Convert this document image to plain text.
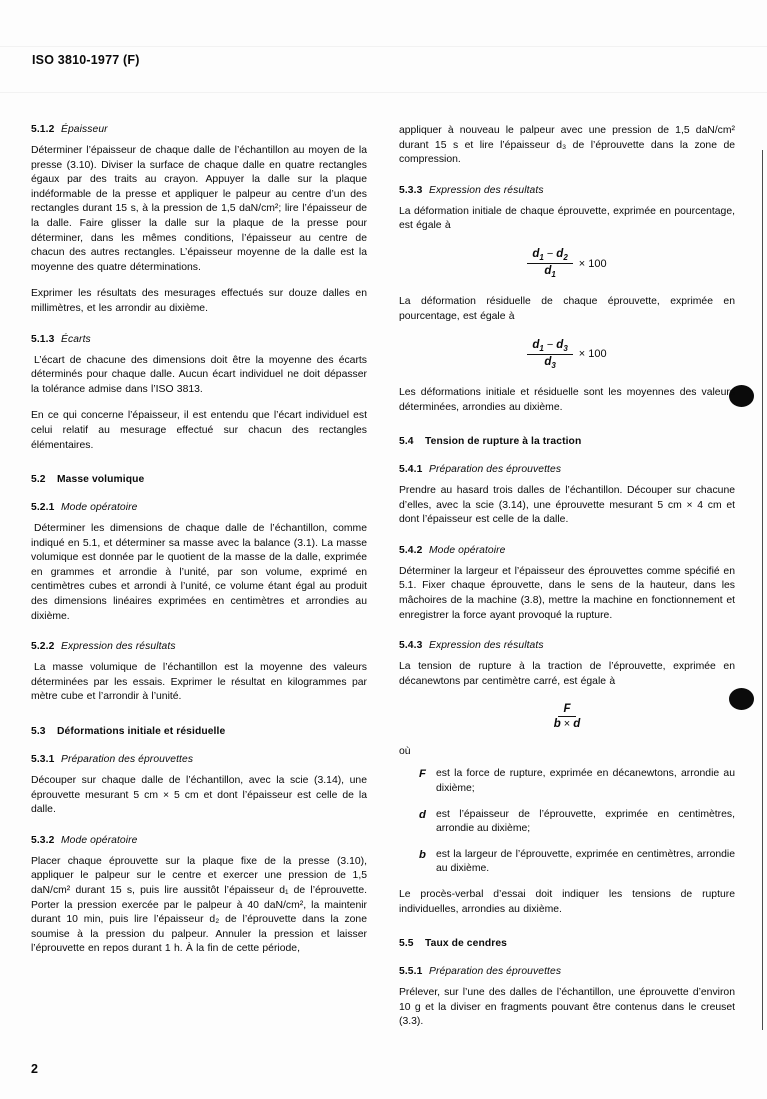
ISO 3810-1977 (F)
5.1.2 Épaisseur

Déterminer l’épaisseur de chaque dalle de l’échantillon au moyen de la presse (3.10). Diviser la surface de chaque dalle en quatre rectangles égaux par des traits au crayon. Appuyer la dalle sur la plaque indéformable de la presse et appliquer le palpeur au centre d’un des rectangles durant 15 s, à la pression de 1,5 daN/cm²; lire l’épaisseur de la dalle. Faire glisser la dalle sur la plaque de la presse pour déterminer, dans les mêmes conditions, l’épaisseur au centre de chacun des autres rectangles. L’épaisseur moyenne de la dalle est la moyenne des quatre déterminations.

Exprimer les résultats des mesurages effectués sur douze dalles en millimètres, et les arrondir au dixième.

5.1.3 Écarts

L’écart de chacune des dimensions doit être la moyenne des écarts déterminés pour chaque dalle. Aucun écart individuel ne doit dépasser la tolérance admise dans l’ISO 3813.

En ce qui concerne l’épaisseur, il est entendu que l’écart individuel est celui relatif au mesurage effectué sur chacun des rectangles élémentaires.

5.2 Masse volumique
5.2.1 Mode opératoire

Déterminer les dimensions de chaque dalle de l’échantillon, comme indiqué en 5.1, et déterminer sa masse avec la balance (3.1). La masse volumique est donnée par le quotient de la masse de la dalle, exprimée en grammes et arrondie à l’unité, par son volume, exprimé en centimètres cubes et arrondi à l’unité, ce volume étant égal au produit des dimensions linéaires exprimées en centimètres et arrondies au dixième.

5.2.2 Expression des résultats

La masse volumique de l’échantillon est la moyenne des valeurs déterminées par les essais. Exprimer le résultat en kilogrammes par mètre cube et l’arrondir à l’unité.

5.3 Déformations initiale et résiduelle
5.3.1 Préparation des éprouvettes

Découper sur chaque dalle de l’échantillon, avec la scie (3.14), une éprouvette mesurant 5 cm × 5 cm et dont l’épaisseur est celle de la dalle.

5.3.2 Mode opératoire

Placer chaque éprouvette sur la plaque fixe de la presse (3.10), appliquer le palpeur sur le centre et exercer une pression de 1,5 daN/cm² durant 15 s, puis lire aussitôt l’épaisseur d₁ de l’éprouvette. Porter la pression exercée par le palpeur à 40 daN/cm², la maintenir durant 10 min, puis lire l’épaisseur d₂ de l’éprouvette dans la zone soumise à la pression du palpeur. Annuler la pression et laisser l’éprouvette en repos durant 1 h. À la fin de cette période,

appliquer à nouveau le palpeur avec une pression de 1,5 daN/cm² durant 15 s et lire l’épaisseur d₃ de l’éprouvette dans la zone de compression.

5.3.3 Expression des résultats

La déformation initiale de chaque éprouvette, exprimée en pourcentage, est égale à

$\frac{d_1 - d_2}{d_1} \times 100$

La déformation résiduelle de chaque éprouvette, exprimée en pourcentage, est égale à

$\frac{d_1 - d_3}{d_3} \times 100$

Les déformations initiale et résiduelle sont les moyennes des valeurs déterminées, arrondies au dixième.

5.4 Tension de rupture à la traction
5.4.1 Préparation des éprouvettes

Prendre au hasard trois dalles de l’échantillon. Découper sur chacune d’elles, avec la scie (3.14), une éprouvette mesurant 5 cm × 4 cm et dont l’épaisseur est celle de la dalle.

5.4.2 Mode opératoire

Déterminer la largeur et l’épaisseur des éprouvettes comme spécifié en 5.1. Fixer chaque éprouvette, dans le sens de la hauteur, dans les mâchoires de la machine (3.8), mettre la machine en fonctionnement et enregistrer la force ayant provoqué la rupture.

5.4.3 Expression des résultats

La tension de rupture à la traction de l’éprouvette, exprimée en décanewtons par centimètre carré, est égale à

$\frac{F}{b \times d}$
où
F est la force de rupture, exprimée en décanewtons, arrondie au dixième;
d est l’épaisseur de l’éprouvette, exprimée en centimètres, arrondie au dixième;
b est la largeur de l’éprouvette, exprimée en centimètres, arrondie au dixième.

Le procès-verbal d’essai doit indiquer les tensions de rupture individuelles, arrondies au dixième.

5.5 Taux de cendres
5.5.1 Préparation des éprouvettes

Prélever, sur l’une des dalles de l’échantillon, une éprouvette d’environ 10 g et la diviser en fragments pouvant être contenus dans le creuset (3.3).

2
